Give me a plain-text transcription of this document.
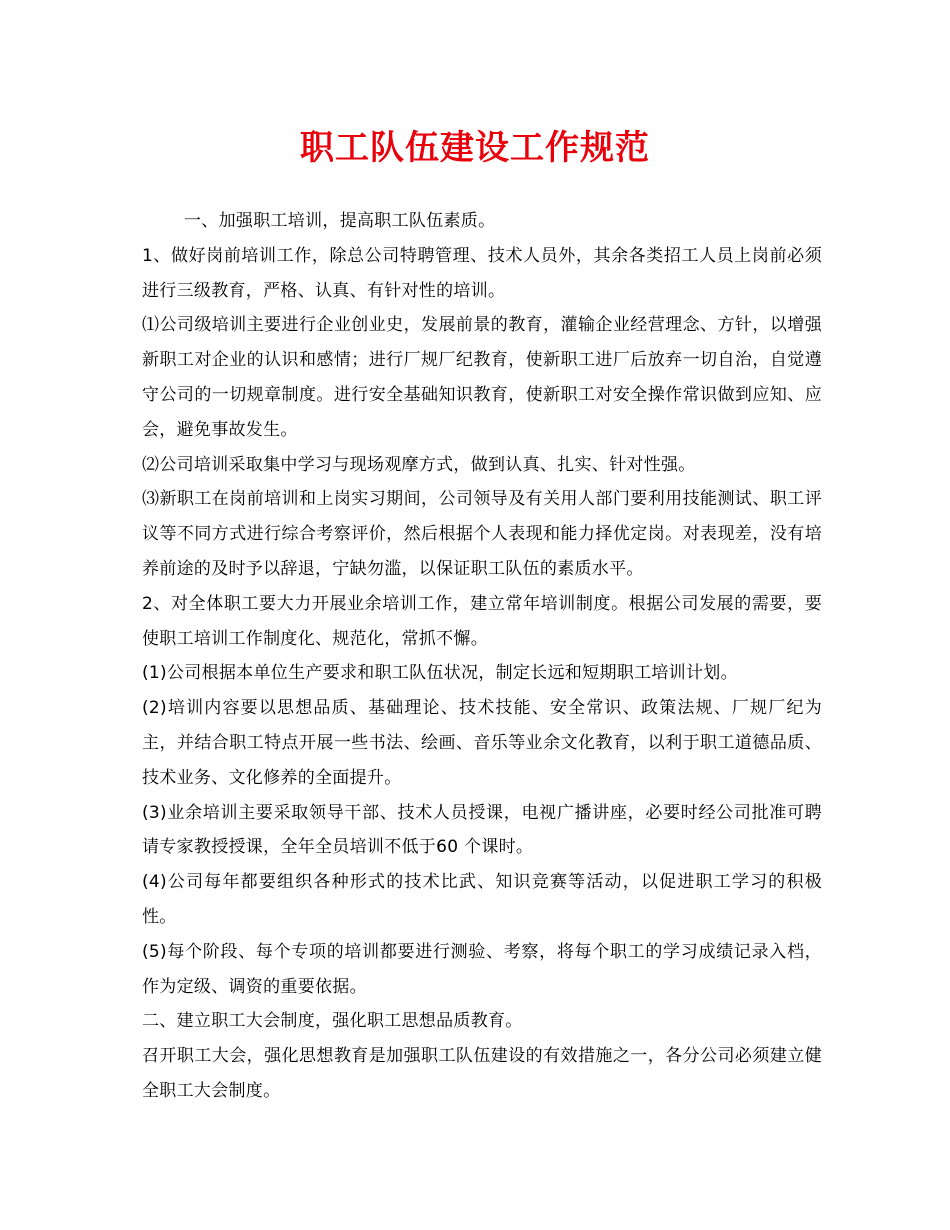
职工队伍建设工作规范

一、加强职工培训，提高职工队伍素质。

1、做好岗前培训工作，除总公司特聘管理、技术人员外，其余各类招工人员上岗前必须进行三级教育，严格、认真、有针对性的培训。

⑴公司级培训主要进行企业创业史，发展前景的教育，灌输企业经营理念、方针，以增强新职工对企业的认识和感情；进行厂规厂纪教育，使新职工进厂后放弃一切自治，自觉遵守公司的一切规章制度。进行安全基础知识教育，使新职工对安全操作常识做到应知、应会，避免事故发生。

⑵公司培训采取集中学习与现场观摩方式，做到认真、扎实、针对性强。

⑶新职工在岗前培训和上岗实习期间，公司领导及有关用人部门要利用技能测试、职工评议等不同方式进行综合考察评价，然后根据个人表现和能力择优定岗。对表现差，没有培养前途的及时予以辞退，宁缺勿滥，以保证职工队伍的素质水平。

2、对全体职工要大力开展业余培训工作，建立常年培训制度。根据公司发展的需要，要使职工培训工作制度化、规范化，常抓不懈。

(1)公司根据本单位生产要求和职工队伍状况，制定长远和短期职工培训计划。

(2)培训内容要以思想品质、基础理论、技术技能、安全常识、政策法规、厂规厂纪为主，并结合职工特点开展一些书法、绘画、音乐等业余文化教育，以利于职工道德品质、技术业务、文化修养的全面提升。

(3)业余培训主要采取领导干部、技术人员授课，电视广播讲座，必要时经公司批准可聘请专家教授授课，全年全员培训不低于60 个课时。

(4)公司每年都要组织各种形式的技术比武、知识竞赛等活动，以促进职工学习的积极性。

(5)每个阶段、每个专项的培训都要进行测验、考察，将每个职工的学习成绩记录入档，作为定级、调资的重要依据。

二、建立职工大会制度，强化职工思想品质教育。

召开职工大会，强化思想教育是加强职工队伍建设的有效措施之一，各分公司必须建立健全职工大会制度。
